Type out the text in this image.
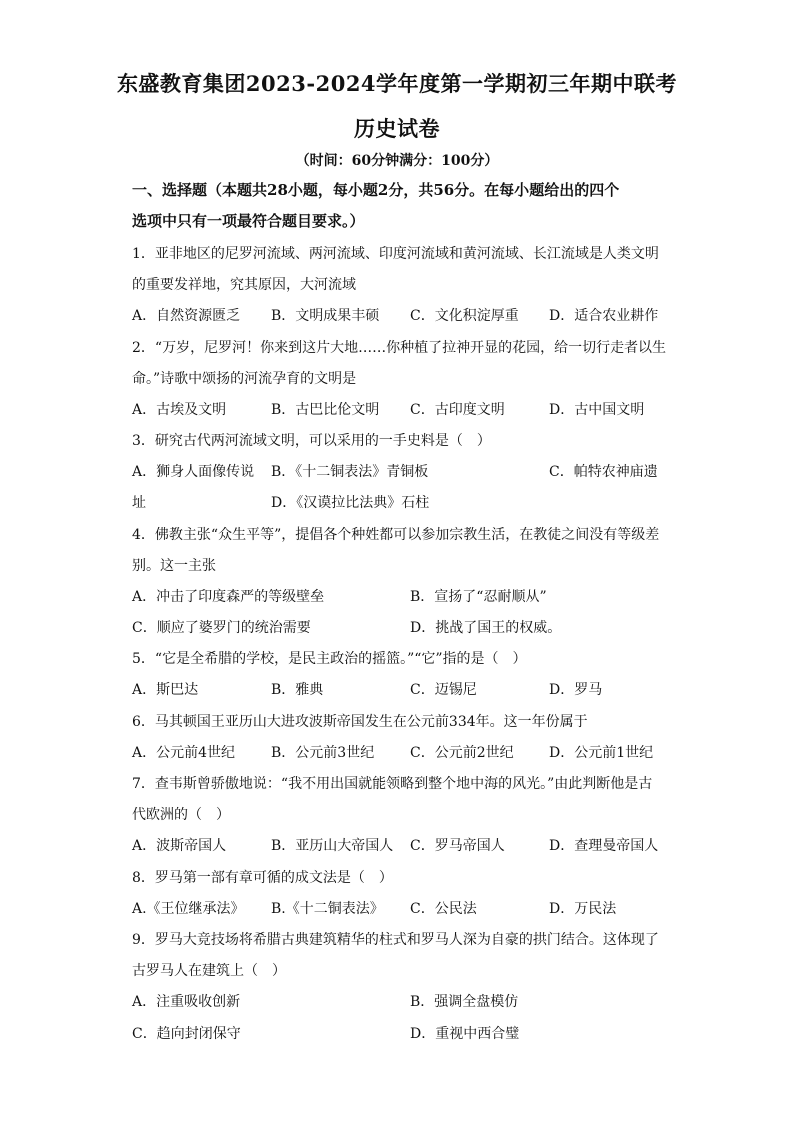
东盛教育集团2023-2024学年度第一学期初三年期中联考
历史试卷
（时间：60分钟满分：100分）
一、选择题（本题共28小题，每小题2分，共56分。在每小题给出的四个
选项中只有一项最符合题目要求。）
1．亚非地区的尼罗河流域、两河流域、印度河流域和黄河流域、长江流域是人类文明
的重要发祥地，究其原因，大河流域
A．自然资源匮乏 B．文明成果丰硕 C．文化积淀厚重 D．适合农业耕作
2．“万岁，尼罗河！你来到这片大地……你种植了拉神开显的花园，给一切行走者以生
命。”诗歌中颂扬的河流孕育的文明是
A．古埃及文明	B．古巴比伦文明 C．古印度文明	D．古中国文明
3．研究古代两河流域文明，可以采用的一手史料是（　）
A．狮身人面像传说 B．《十二铜表法》青铜板	C．帕特农神庙遗
址	D．《汉谟拉比法典》石柱
4．佛教主张“众生平等”，提倡各个种姓都可以参加宗教生活，在教徒之间没有等级差
别。这一主张
A．冲击了印度森严的等级壁垒	B．宣扬了“忍耐顺从”
C．顺应了婆罗门的统治需要	D．挑战了国王的权威。
5．“它是全希腊的学校，是民主政治的摇篮。”“它”指的是（　）
A．斯巴达	B．雅典	C．迈锡尼	D．罗马
6．马其顿国王亚历山大进攻波斯帝国发生在公元前334年。这一年份属于
A．公元前4世纪	B．公元前3世纪	C．公元前2世纪	D．公元前1世纪
7．查韦斯曾骄傲地说：“我不用出国就能领略到整个地中海的风光。”由此判断他是古
代欧洲的（　）
A．波斯帝国人	B．亚历山大帝国人 C．罗马帝国人	D．查理曼帝国人
8．罗马第一部有章可循的成文法是（　）
A.《王位继承法》 B.《十二铜表法》 C．公民法	D．万民法
9．罗马大竞技场将希腊古典建筑精华的柱式和罗马人深为自豪的拱门结合。这体现了
古罗马人在建筑上（　）
A．注重吸收创新	B．强调全盘模仿
C．趋向封闭保守	D．重视中西合璧
